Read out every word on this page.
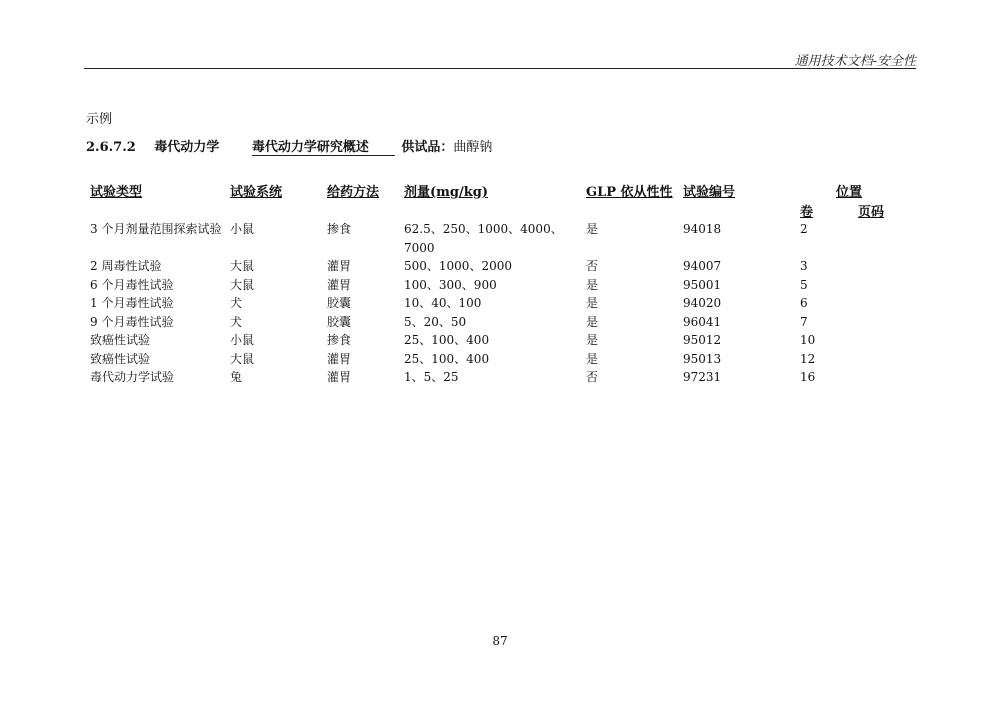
通用技术文档-安全性
示例
2.6.7.2 毒代动力学	毒代动力学研究概述	供试品：曲醇钠
试验类型	试验系统	给药方法	剂量(mg/kg)	GLP 依从性性	试验编号	位置	
						卷	页码
3 个月剂量范围探索试验	小鼠	掺食	62.5、250、1000、4000、7000	是	94018	2	
2 周毒性试验	大鼠	灌胃	500、1000、2000	否	94007	3	
6 个月毒性试验	大鼠	灌胃	100、300、900	是	95001	5	
1 个月毒性试验	犬	胶囊	10、40、100	是	94020	6	
9 个月毒性试验	犬	胶囊	5、20、50	是	96041	7	
致癌性试验	小鼠	掺食	25、100、400	是	95012	10	
致癌性试验	大鼠	灌胃	25、100、400	是	95013	12	
毒代动力学试验	兔	灌胃	1、5、25	否	97231	16	
87
